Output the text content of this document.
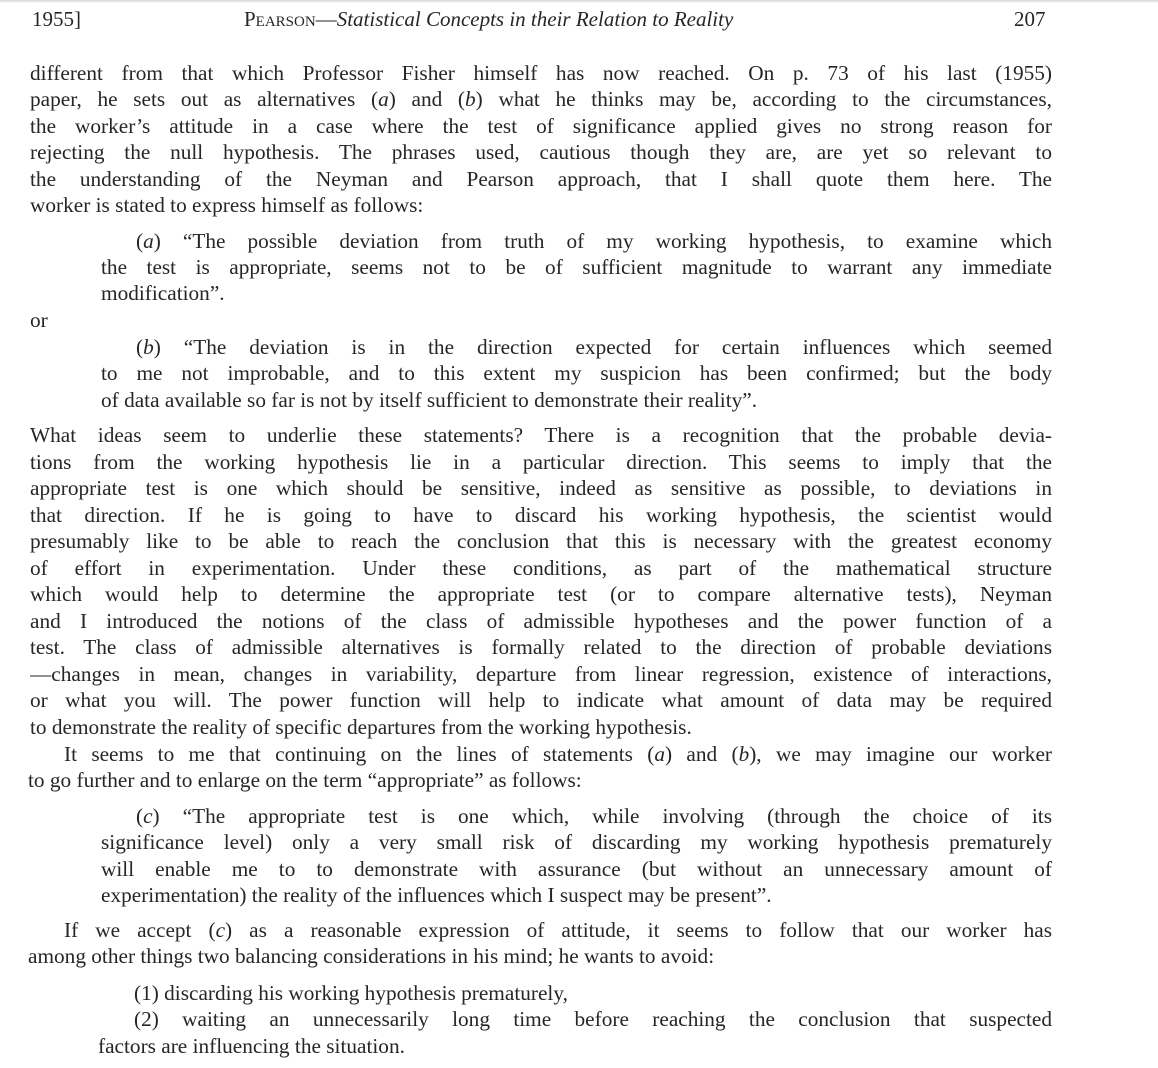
1955]	Pearson—Statistical Concepts in their Relation to Reality	207
different from that which Professor Fisher himself has now reached. On p. 73 of his last (1955)
paper, he sets out as alternatives (a) and (b) what he thinks may be, according to the circumstances,
the worker’s attitude in a case where the test of significance applied gives no strong reason for
rejecting the null hypothesis. The phrases used, cautious though they are, are yet so relevant to
the understanding of the Neyman and Pearson approach, that I shall quote them here. The
worker is stated to express himself as follows:
(a) “The possible deviation from truth of my working hypothesis, to examine which
the test is appropriate, seems not to be of sufficient magnitude to warrant any immediate
modification”.
or
(b) “The deviation is in the direction expected for certain influences which seemed
to me not improbable, and to this extent my suspicion has been confirmed; but the body
of data available so far is not by itself sufficient to demonstrate their reality”.
What ideas seem to underlie these statements? There is a recognition that the probable devia-
tions from the working hypothesis lie in a particular direction. This seems to imply that the
appropriate test is one which should be sensitive, indeed as sensitive as possible, to deviations in
that direction. If he is going to have to discard his working hypothesis, the scientist would
presumably like to be able to reach the conclusion that this is necessary with the greatest economy
of effort in experimentation. Under these conditions, as part of the mathematical structure
which would help to determine the appropriate test (or to compare alternative tests), Neyman
and I introduced the notions of the class of admissible hypotheses and the power function of a
test. The class of admissible alternatives is formally related to the direction of probable deviations
—changes in mean, changes in variability, departure from linear regression, existence of interactions,
or what you will. The power function will help to indicate what amount of data may be required
to demonstrate the reality of specific departures from the working hypothesis.
It seems to me that continuing on the lines of statements (a) and (b), we may imagine our worker
to go further and to enlarge on the term “appropriate” as follows:
(c) “The appropriate test is one which, while involving (through the choice of its
significance level) only a very small risk of discarding my working hypothesis prematurely
will enable me to to demonstrate with assurance (but without an unnecessary amount of
experimentation) the reality of the influences which I suspect may be present”.
If we accept (c) as a reasonable expression of attitude, it seems to follow that our worker has
among other things two balancing considerations in his mind; he wants to avoid:
(1) discarding his working hypothesis prematurely,
(2) waiting an unnecessarily long time before reaching the conclusion that suspected
factors are influencing the situation.
